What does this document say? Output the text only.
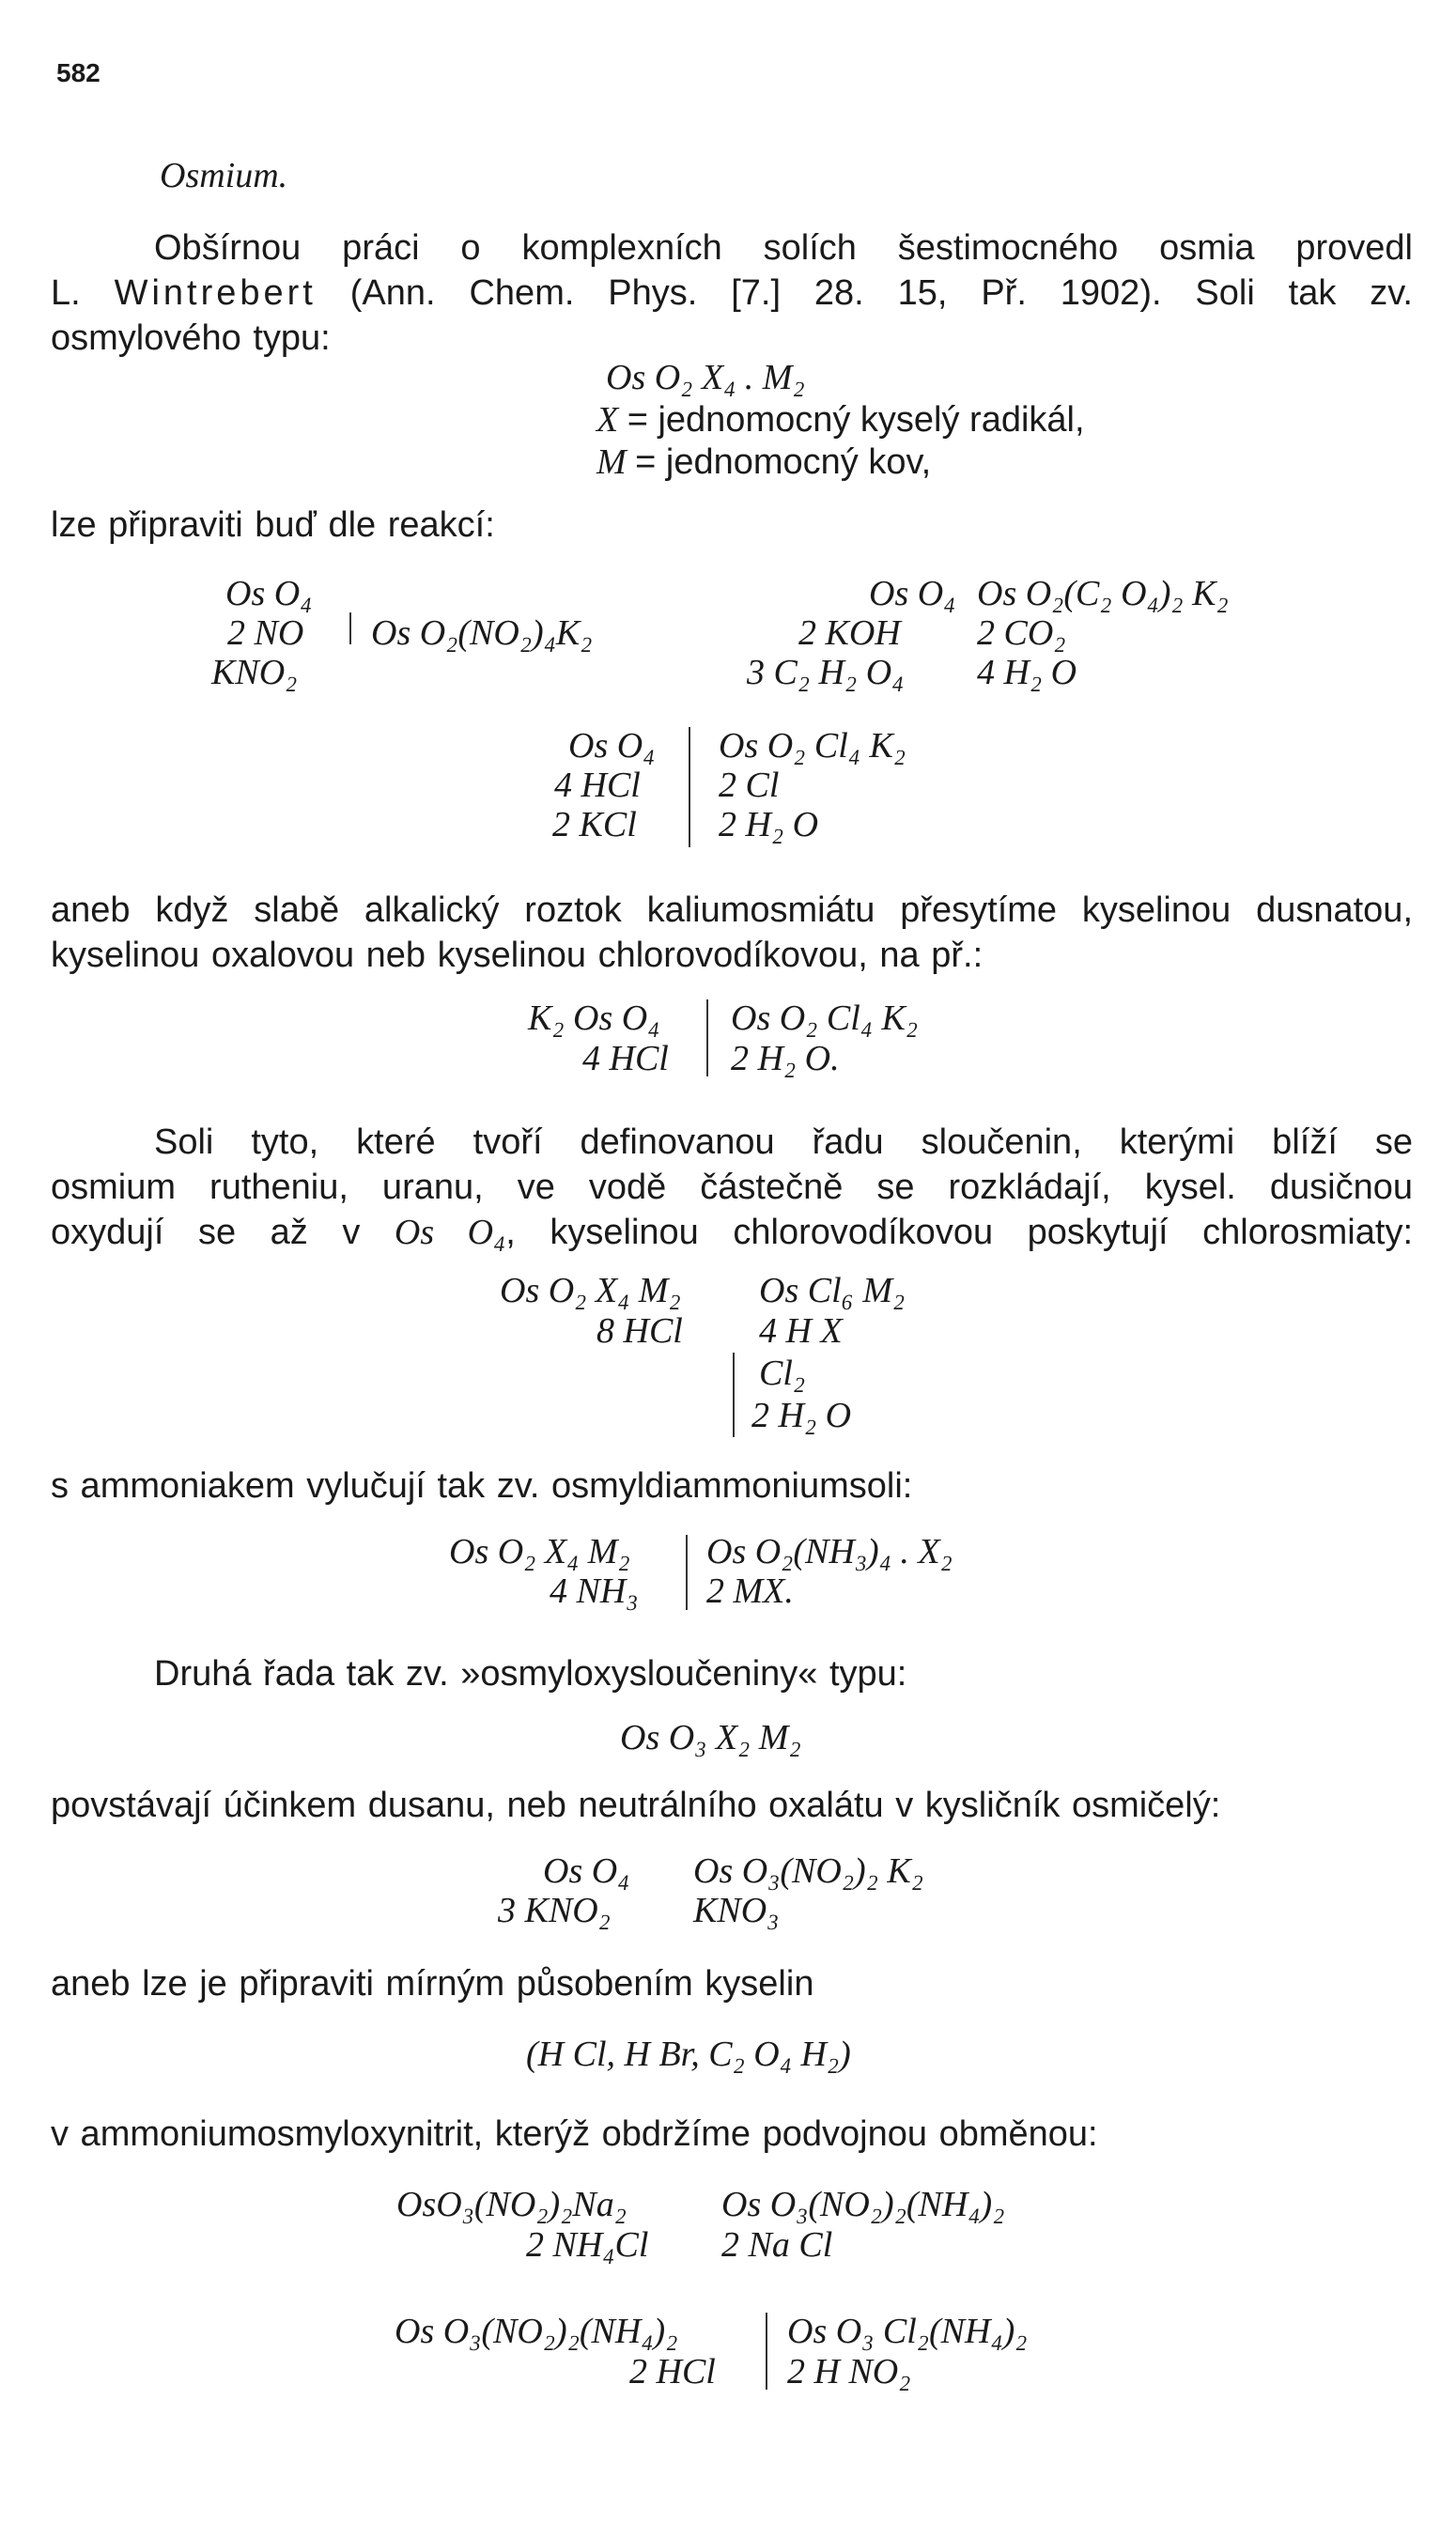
582
Osmium.
Obšírnou práci o komplexních solích šestimocného osmia provedl
L. Wintrebert (Ann. Chem. Phys. [7.] 28. 15, Př. 1902). Soli tak zv.
osmylového typu:
Os O₂ X₄ . M₂
X = jednomocný kyselý radikál,
M = jednomocný kov,
lze připraviti buď dle reakcí:
Os O₄
2 NO
KNO₂
Os O₂(NO₂)₄K₂
Os O₄
2 KOH
3 C₂ H₂ O₄
Os O₂(C₂ O₄)₂ K₂
2 CO₂
4 H₂ O
Os O₄
4 HCl
2 KCl
Os O₂ Cl₄ K₂
2 Cl
2 H₂ O
aneb když slabě alkalický roztok kaliumosmiátu přesytíme kyselinou dusnatou, kyselinou oxalovou neb kyselinou chlorovodíkovou, na př.:
K₂ Os O₄
4 HCl
Os O₂ Cl₄ K₂
2 H₂ O.
Soli tyto, které tvoří definovanou řadu sloučenin, kterými blíží se
osmium rutheniu, uranu, ve vodě částečně se rozkládají, kysel. dusičnou
oxydují se až v Os O₄, kyselinou chlorovodíkovou poskytují chlorosmiaty:
Os O₂ X₄ M₂
8 HCl
Os Cl₆ M₂
4 H X
Cl₂
2 H₂ O
s ammoniakem vylučují tak zv. osmyldiammoniumsoli:
Os O₂ X₄ M₂
4 NH₃
Os O₂(NH₃)₄ . X₂
2 MX.
Druhá řada tak zv. »osmyloxysloučeniny« typu:
Os O₃ X₂ M₂
povstávají účinkem dusanu, neb neutrálního oxalátu v kysličník osmičelý:
Os O₄
3 KNO₂
Os O₃(NO₂)₂ K₂
KNO₃
aneb lze je připraviti mírným působením kyselin
(H Cl, H Br, C₂ O₄ H₂)
v ammoniumosmyloxynitrit, kterýž obdržíme podvojnou obměnou:
OsO₃(NO₂)₂Na₂
2 NH₄Cl
Os O₃(NO₂)₂(NH₄)₂
2 Na Cl
Os O₃(NO₂)₂(NH₄)₂
2 HCl
Os O₃ Cl₂(NH₄)₂
2 H NO₂
